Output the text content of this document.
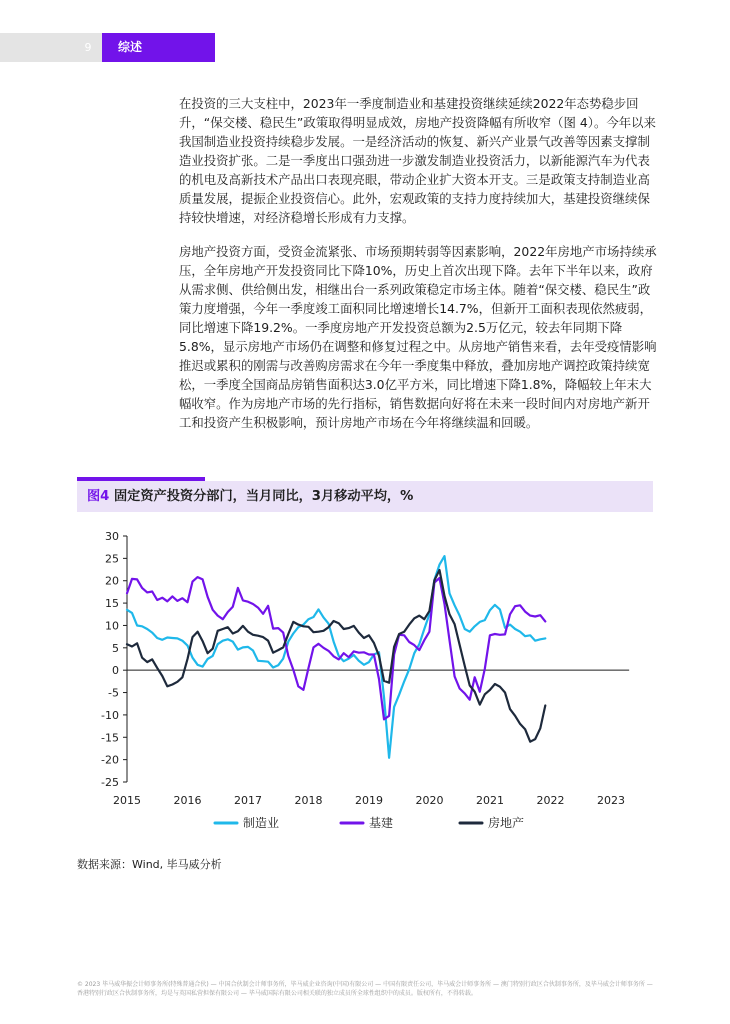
9	综述

在投资的三大支柱中，2023年一季度制造业和基建投资继续延续2022年态势稳步回升，“保交楼、稳民生”政策取得明显成效，房地产投资降幅有所收窄（图 4）。今年以来我国制造业投资持续稳步发展。一是经济活动的恢复、新兴产业景气改善等因素支撑制造业投资扩张。二是一季度出口强劲进一步激发制造业投资活力，以新能源汽车为代表的机电及高新技术产品出口表现亮眼，带动企业扩大资本开支。三是政策支持制造业高质量发展，提振企业投资信心。此外，宏观政策的支持力度持续加大，基建投资继续保持较快增速，对经济稳增长形成有力支撑。

房地产投资方面，受资金流紧张、市场预期转弱等因素影响，2022年房地产市场持续承压，全年房地产开发投资同比下降10%，历史上首次出现下降。去年下半年以来，政府从需求侧、供给侧出发，相继出台一系列政策稳定市场主体。随着“保交楼、稳民生”政策力度增强，今年一季度竣工面积同比增速增长14.7%，但新开工面积表现依然疲弱，同比增速下降19.2%。一季度房地产开发投资总额为2.5万亿元，较去年同期下降5.8%，显示房地产市场仍在调整和修复过程之中。从房地产销售来看，去年受疫情影响推迟或累积的刚需与改善购房需求在今年一季度集中释放，叠加房地产调控政策持续宽松，一季度全国商品房销售面积达3.0亿平方米，同比增速下降1.8%，降幅较上年末大幅收窄。作为房地产市场的先行指标，销售数据向好将在未来一段时间内对房地产新开工和投资产生积极影响，预计房地产市场在今年将继续温和回暖。

图4 固定资产投资分部门，当月同比，3月移动平均，%
30
25
20
15
10
5
0
-5
-10
-15
-20
-25
2015	2016	2017	2018	2019	2020	2021	2022	2023
制造业	基建	房地产
数据来源：Wind, 毕马威分析
© 2023 毕马威华振会计师事务所(特殊普通合伙) — 中国合伙制会计师事务所，毕马威企业咨询(中国)有限公司 — 中国有限责任公司，毕马威会计师事务所 — 澳门特别行政区合伙制事务所，及毕马威会计师事务所 — 香港特别行政区合伙制事务所，均是与英国私营担保有限公司 — 毕马威国际有限公司相关联的独立成员所全球性组织中的成员。版权所有，不得转载。
